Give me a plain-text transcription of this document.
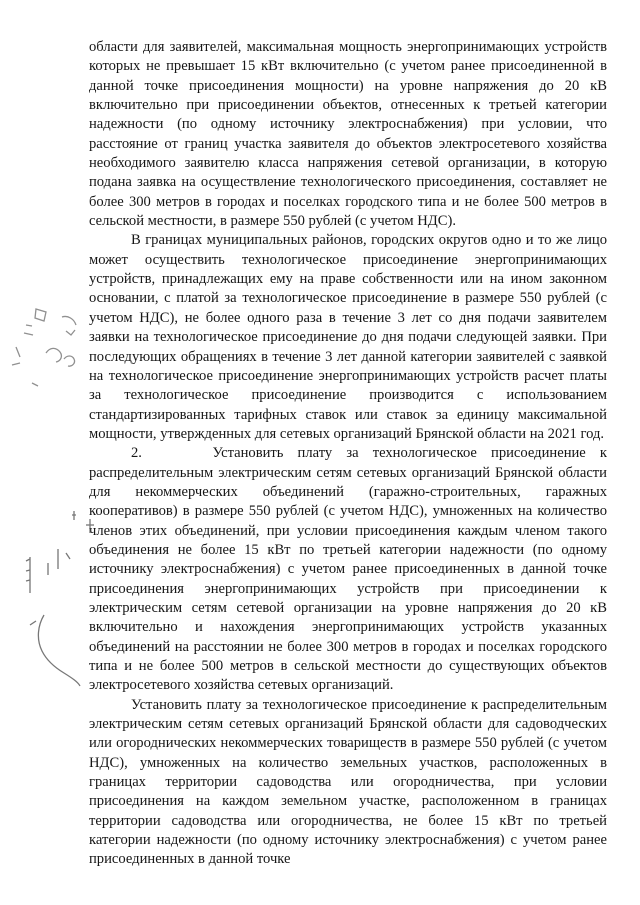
области для заявителей, максимальная мощность энергопринимающих устройств которых не превышает 15 кВт включительно (с учетом ранее присоединенной в данной точке присоединения мощности) на уровне напряжения до 20 кВ включительно при присоединении объектов, отнесенных к третьей категории надежности (по одному источнику электроснабжения) при условии, что расстояние от границ участка заявителя до объектов электросетевого хозяйства необходимого заявителю класса напряжения сетевой организации, в которую подана заявка на осуществление технологического присоединения, составляет не более 300 метров в городах и поселках городского типа и не более 500 метров в сельской местности, в размере 550 рублей (с учетом НДС).

В границах муниципальных районов, городских округов одно и то же лицо может осуществить технологическое присоединение энергопринимающих устройств, принадлежащих ему на праве собственности или на ином законном основании, с платой за технологическое присоединение в размере 550 рублей (с учетом НДС), не более одного раза в течение 3 лет со дня подачи заявителем заявки на технологическое присоединение до дня подачи следующей заявки. При последующих обращениях в течение 3 лет данной категории заявителей с заявкой на технологическое присоединение энергопринимающих устройств расчет платы за технологическое присоединение производится с использованием стандартизированных тарифных ставок или ставок за единицу максимальной мощности, утвержденных для сетевых организаций Брянской области на 2021 год.

2.	Установить плату за технологическое присоединение к распределительным электрическим сетям сетевых организаций Брянской области для некоммерческих объединений (гаражно-строительных, гаражных кооперативов) в размере 550 рублей (с учетом НДС), умноженных на количество членов этих объединений, при условии присоединения каждым членом такого объединения не более 15 кВт по третьей категории надежности (по одному источнику электроснабжения) с учетом ранее присоединенных в данной точке присоединения энергопринимающих устройств при присоединении к электрическим сетям сетевой организации на уровне напряжения до 20 кВ включительно и нахождения энергопринимающих устройств указанных объединений на расстоянии не более 300 метров в городах и поселках городского типа и не более 500 метров в сельской местности до существующих объектов электросетевого хозяйства сетевых организаций.

Установить плату за технологическое присоединение к распределительным электрическим сетям сетевых организаций Брянской области для садоводческих или огороднических некоммерческих товариществ в размере 550 рублей (с учетом НДС), умноженных на количество земельных участков, расположенных в границах территории садоводства или огородничества, при условии присоединения на каждом земельном участке, расположенном в границах территории садоводства или огородничества, не более 15 кВт по третьей категории надежности (по одному источнику электроснабжения) с учетом ранее присоединенных в данной точке
